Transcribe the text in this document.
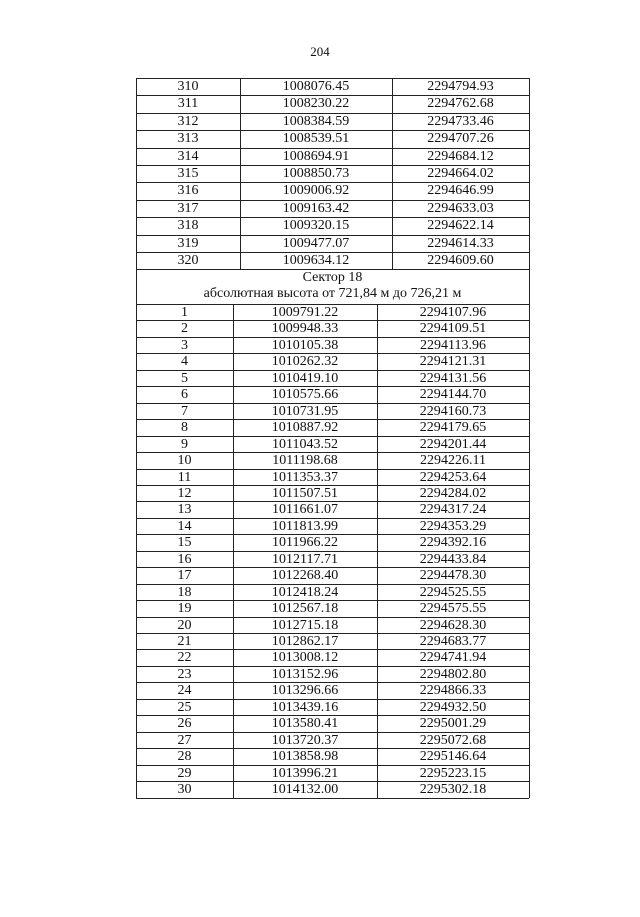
204
310	1008076.45	2294794.93
311	1008230.22	2294762.68
312	1008384.59	2294733.46
313	1008539.51	2294707.26
314	1008694.91	2294684.12
315	1008850.73	2294664.02
316	1009006.92	2294646.99
317	1009163.42	2294633.03
318	1009320.15	2294622.14
319	1009477.07	2294614.33
320	1009634.12	2294609.60
1	1009791.22	2294107.96
2	1009948.33	2294109.51
3	1010105.38	2294113.96
4	1010262.32	2294121.31
5	1010419.10	2294131.56
6	1010575.66	2294144.70
7	1010731.95	2294160.73
8	1010887.92	2294179.65
9	1011043.52	2294201.44
10	1011198.68	2294226.11
11	1011353.37	2294253.64
12	1011507.51	2294284.02
13	1011661.07	2294317.24
14	1011813.99	2294353.29
15	1011966.22	2294392.16
16	1012117.71	2294433.84
17	1012268.40	2294478.30
18	1012418.24	2294525.55
19	1012567.18	2294575.55
20	1012715.18	2294628.30
21	1012862.17	2294683.77
22	1013008.12	2294741.94
23	1013152.96	2294802.80
24	1013296.66	2294866.33
25	1013439.16	2294932.50
26	1013580.41	2295001.29
27	1013720.37	2295072.68
28	1013858.98	2295146.64
29	1013996.21	2295223.15
30	1014132.00	2295302.18
Сектор 18
абсолютная высота от 721,84 м до 726,21 м
